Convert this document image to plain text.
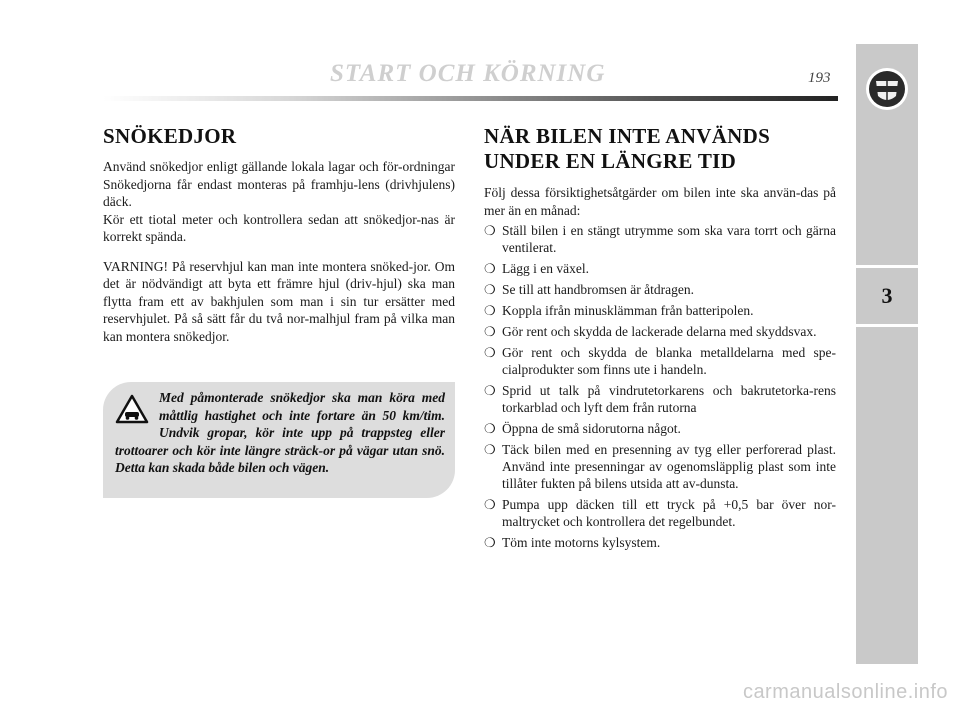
START OCH KÖRNING	193
3
SNÖKEDJOR

Använd snökedjor enligt gällande lokala lagar och för-ordningar Snökedjorna får endast monteras på framhju-lens (drivhjulens) däck.

Kör ett tiotal meter och kontrollera sedan att snökedjor-nas är korrekt spända.

VARNING! På reservhjul kan man inte montera snöked-jor. Om det är nödvändigt att byta ett främre hjul (driv-hjul) ska man flytta fram ett av bakhjulen som man i sin tur ersätter med reservhjulet. På så sätt får du två nor-malhjul fram på vilka man kan montera snökedjor.

Med påmonterade snökedjor ska man köra med måttlig hastighet och inte fortare än 50 km/tim. Undvik gropar, kör inte upp på trappsteg eller trottoarer och kör inte längre sträck-or på vägar utan snö. Detta kan skada både bilen och vägen.

NÄR BILEN INTE ANVÄNDS UNDER EN LÄNGRE TID

Följ dessa försiktighetsåtgärder om bilen inte ska använ-das på mer än en månad:

❍ Ställ bilen i en stängt utrymme som ska vara torrt och gärna ventilerat.
❍ Lägg i en växel.
❍ Se till att handbromsen är åtdragen.
❍ Koppla ifrån minusklämman från batteripolen.
❍ Gör rent och skydda de lackerade delarna med skyddsvax.
❍ Gör rent och skydda de blanka metalldelarna med spe-cialprodukter som finns ute i handeln.
❍ Sprid ut talk på vindrutetorkarens och bakrutetorka-rens torkarblad och lyft dem från rutorna
❍ Öppna de små sidorutorna något.
❍ Täck bilen med en presenning av tyg eller perforerad plast. Använd inte presenningar av ogenomsläpplig plast som inte tillåter fukten på bilens utsida att av-dunsta.
❍ Pumpa upp däcken till ett tryck på +0,5 bar över nor-maltrycket och kontrollera det regelbundet.
❍ Töm inte motorns kylsystem.
carmanualsonline.info
